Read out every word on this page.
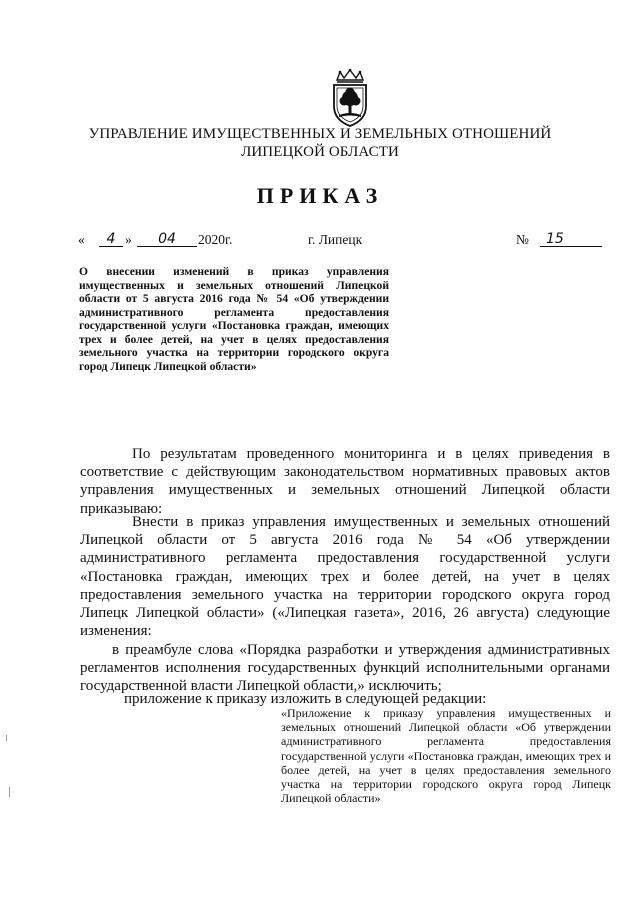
УПРАВЛЕНИЕ ИМУЩЕСТВЕННЫХ И ЗЕМЕЛЬНЫХ ОТНОШЕНИЙ
ЛИПЕЦКОЙ ОБЛАСТИ
ПРИКАЗ
«	4 »	04	2020г.	г. Липецк	№	15
О внесении изменений в приказ управления имущественных и земельных отношений Липецкой области от 5 августа 2016 года № 54 «Об утверждении административного регламента предоставления государственной услуги «Постановка граждан, имеющих трех и более детей, на учет в целях предоставления земельного участка на территории городского округа город Липецк Липецкой области»
По результатам проведенного мониторинга и в целях приведения в соответствие с действующим законодательством нормативных правовых актов управления имущественных и земельных отношений Липецкой области приказываю:
Внести в приказ управления имущественных и земельных отношений Липецкой области от 5 августа 2016 года № 54 «Об утверждении административного регламента предоставления государственной услуги «Постановка граждан, имеющих трех и более детей, на учет в целях предоставления земельного участка на территории городского округа город Липецк Липецкой области» («Липецкая газета», 2016, 26 августа) следующие изменения:
в преамбуле слова «Порядка разработки и утверждения административных регламентов исполнения государственных функций исполнительными органами государственной власти Липецкой области,» исключить;
приложение к приказу изложить в следующей редакции:
«Приложение к приказу управления имущественных и земельных отношений Липецкой области «Об утверждении административного регламента предоставления государственной услуги «Постановка граждан, имеющих трех и более детей, на учет в целях предоставления земельного участка на территории городского округа город Липецк Липецкой области»
